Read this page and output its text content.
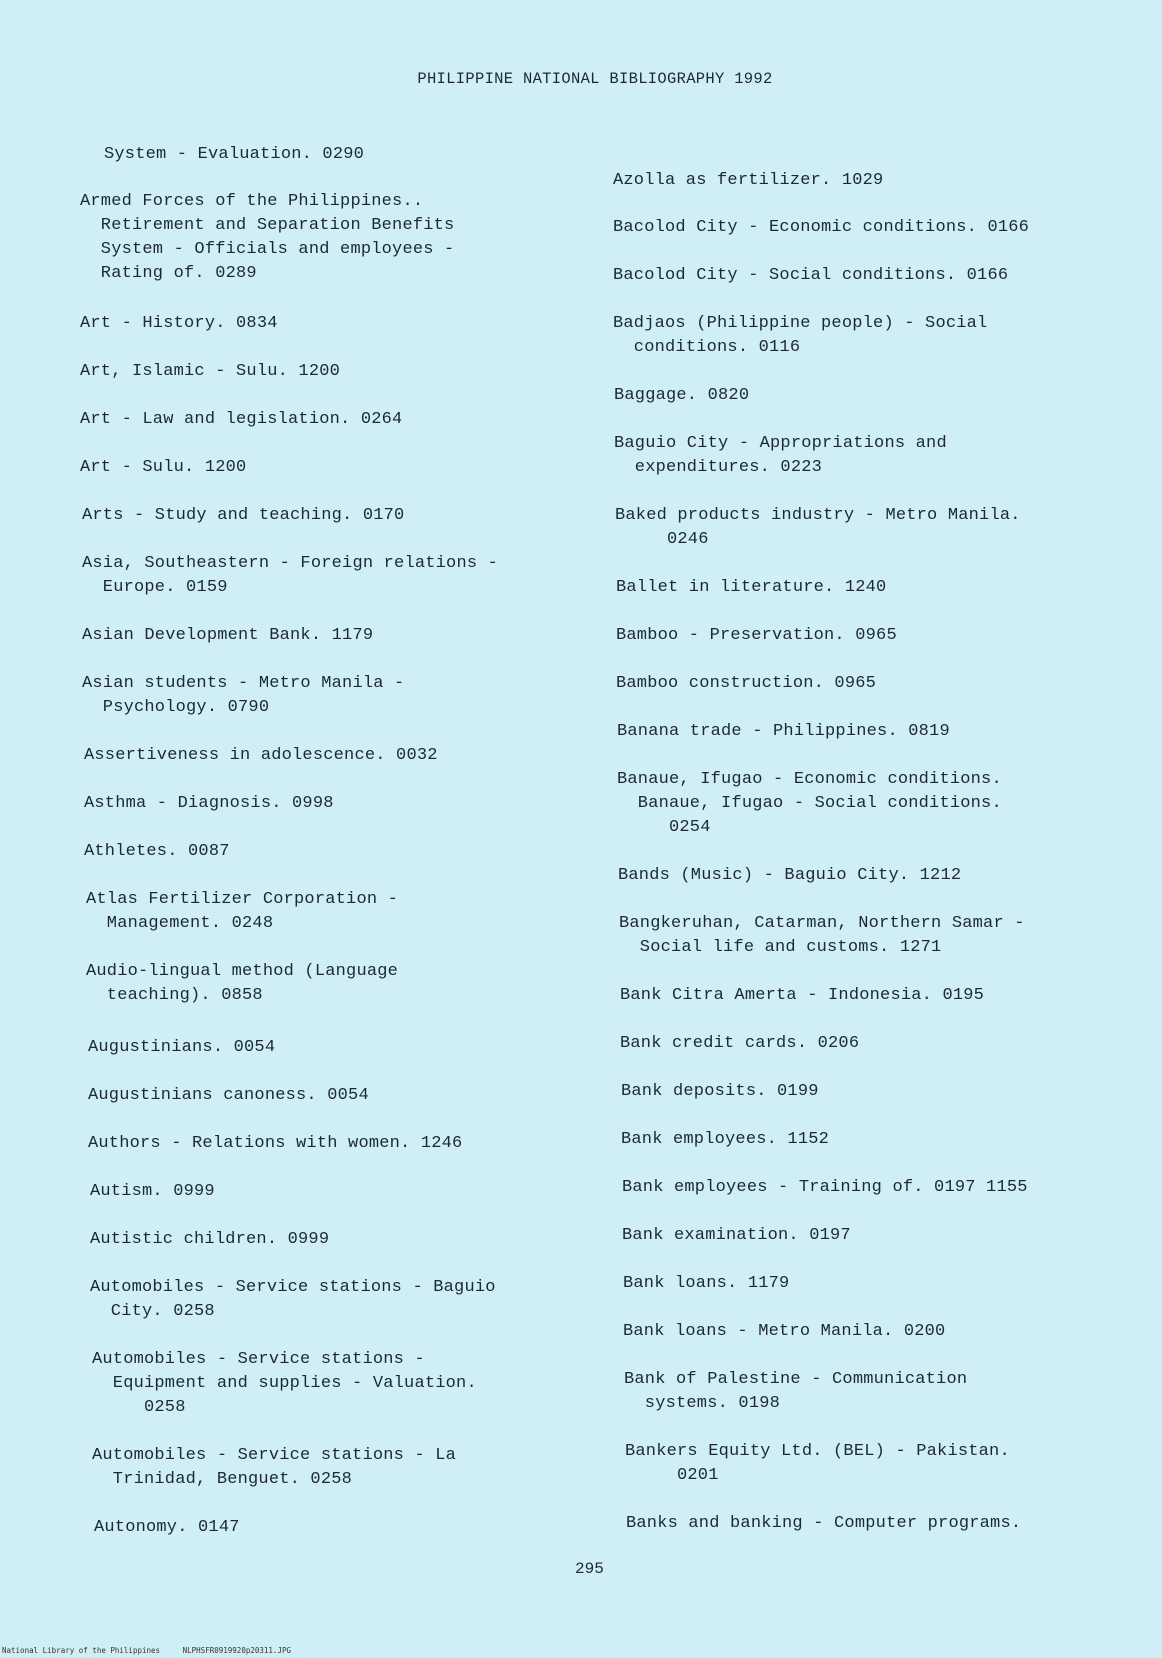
PHILIPPINE NATIONAL BIBLIOGRAPHY 1992
System - Evaluation. 0290
Armed Forces of the Philippines..
Retirement and Separation Benefits
System - Officials and employees -
Rating of. 0289
Art - History. 0834
Art, Islamic - Sulu. 1200
Art - Law and legislation. 0264
Art - Sulu. 1200
Arts - Study and teaching. 0170
Asia, Southeastern - Foreign relations -
Europe. 0159
Asian Development Bank. 1179
Asian students - Metro Manila -
Psychology. 0790
Assertiveness in adolescence. 0032
Asthma - Diagnosis. 0998
Athletes. 0087
Atlas Fertilizer Corporation -
Management. 0248
Audio-lingual method (Language
teaching). 0858
Augustinians. 0054
Augustinians canoness. 0054
Authors - Relations with women. 1246
Autism. 0999
Autistic children. 0999
Automobiles - Service stations - Baguio
City. 0258
Automobiles - Service stations -
Equipment and supplies - Valuation.
0258
Automobiles - Service stations - La
Trinidad, Benguet. 0258
Autonomy. 0147
Azolla as fertilizer. 1029
Bacolod City - Economic conditions. 0166
Bacolod City - Social conditions. 0166
Badjaos (Philippine people) - Social
conditions. 0116
Baggage. 0820
Baguio City - Appropriations and
expenditures. 0223
Baked products industry - Metro Manila.
0246
Ballet in literature. 1240
Bamboo - Preservation. 0965
Bamboo construction. 0965
Banana trade - Philippines. 0819
Banaue, Ifugao - Economic conditions.
Banaue, Ifugao - Social conditions.
0254
Bands (Music) - Baguio City. 1212
Bangkeruhan, Catarman, Northern Samar -
Social life and customs. 1271
Bank Citra Amerta - Indonesia. 0195
Bank credit cards. 0206
Bank deposits. 0199
Bank employees. 1152
Bank employees - Training of. 0197 1155
Bank examination. 0197
Bank loans. 1179
Bank loans - Metro Manila. 0200
Bank of Palestine - Communication
systems. 0198
Bankers Equity Ltd. (BEL) - Pakistan.
0201
Banks and banking - Computer programs.
295
National Library of the Philippines     NLPHSFR0919920p20311.JPG
